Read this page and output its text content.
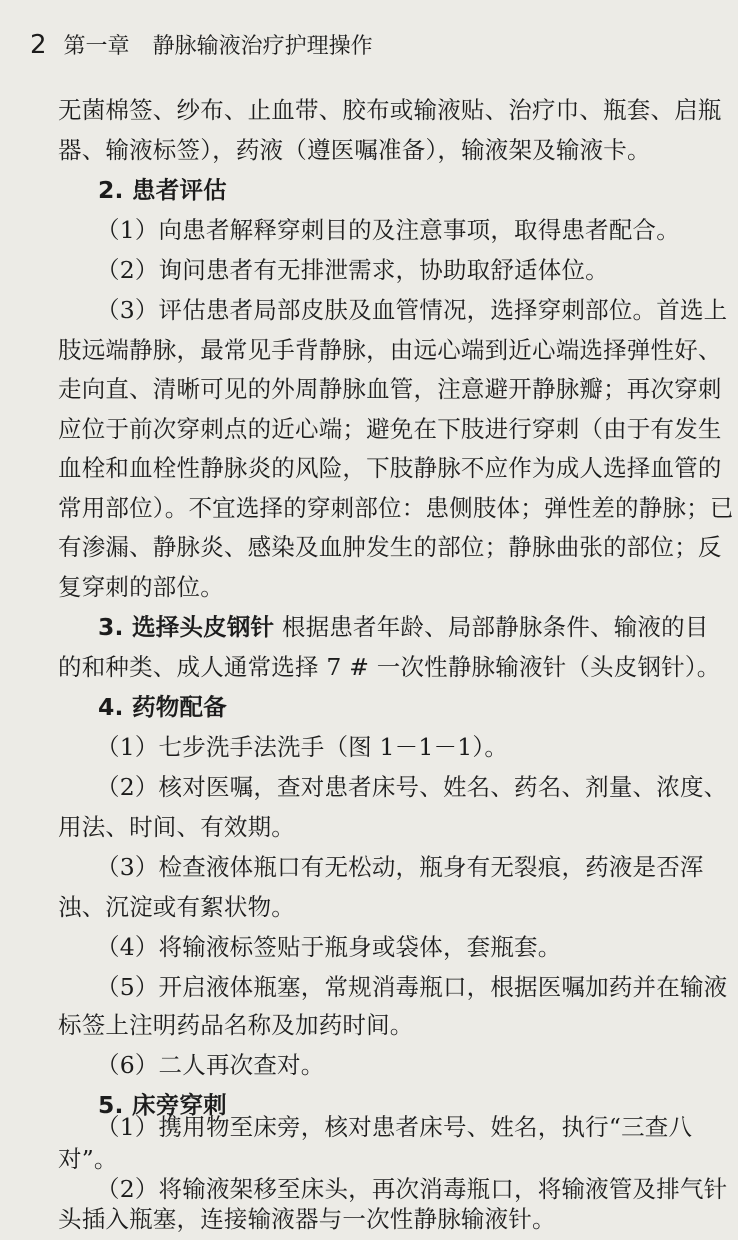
2 第一章 静脉输液治疗护理操作
无菌棉签、纱布、止血带、胶布或输液贴、治疗巾、瓶套、启瓶
器、输液标签），药液（遵医嘱准备），输液架及输液卡。
2. 患者评估
（1）向患者解释穿刺目的及注意事项，取得患者配合。
（2）询问患者有无排泄需求，协助取舒适体位。
（3）评估患者局部皮肤及血管情况，选择穿刺部位。首选上
肢远端静脉，最常见手背静脉，由远心端到近心端选择弹性好、
走向直、清晰可见的外周静脉血管，注意避开静脉瓣；再次穿刺
应位于前次穿刺点的近心端；避免在下肢进行穿刺（由于有发生
血栓和血栓性静脉炎的风险，下肢静脉不应作为成人选择血管的
常用部位）。不宜选择的穿刺部位：患侧肢体；弹性差的静脉；已
有渗漏、静脉炎、感染及血肿发生的部位；静脉曲张的部位；反
复穿刺的部位。
3. 选择头皮钢针 根据患者年龄、局部静脉条件、输液的目
的和种类、成人通常选择 7 # 一次性静脉输液针（头皮钢针）。
4. 药物配备
（1）七步洗手法洗手（图 1－1－1）。
（2）核对医嘱，查对患者床号、姓名、药名、剂量、浓度、
用法、时间、有效期。
（3）检查液体瓶口有无松动，瓶身有无裂痕，药液是否浑
浊、沉淀或有絮状物。
（4）将输液标签贴于瓶身或袋体，套瓶套。
（5）开启液体瓶塞，常规消毒瓶口，根据医嘱加药并在输液
标签上注明药品名称及加药时间。
（6）二人再次查对。
5. 床旁穿刺
（1）携用物至床旁，核对患者床号、姓名，执行“三查八
对”。
（2）将输液架移至床头，再次消毒瓶口，将输液管及排气针
头插入瓶塞，连接输液器与一次性静脉输液针。
